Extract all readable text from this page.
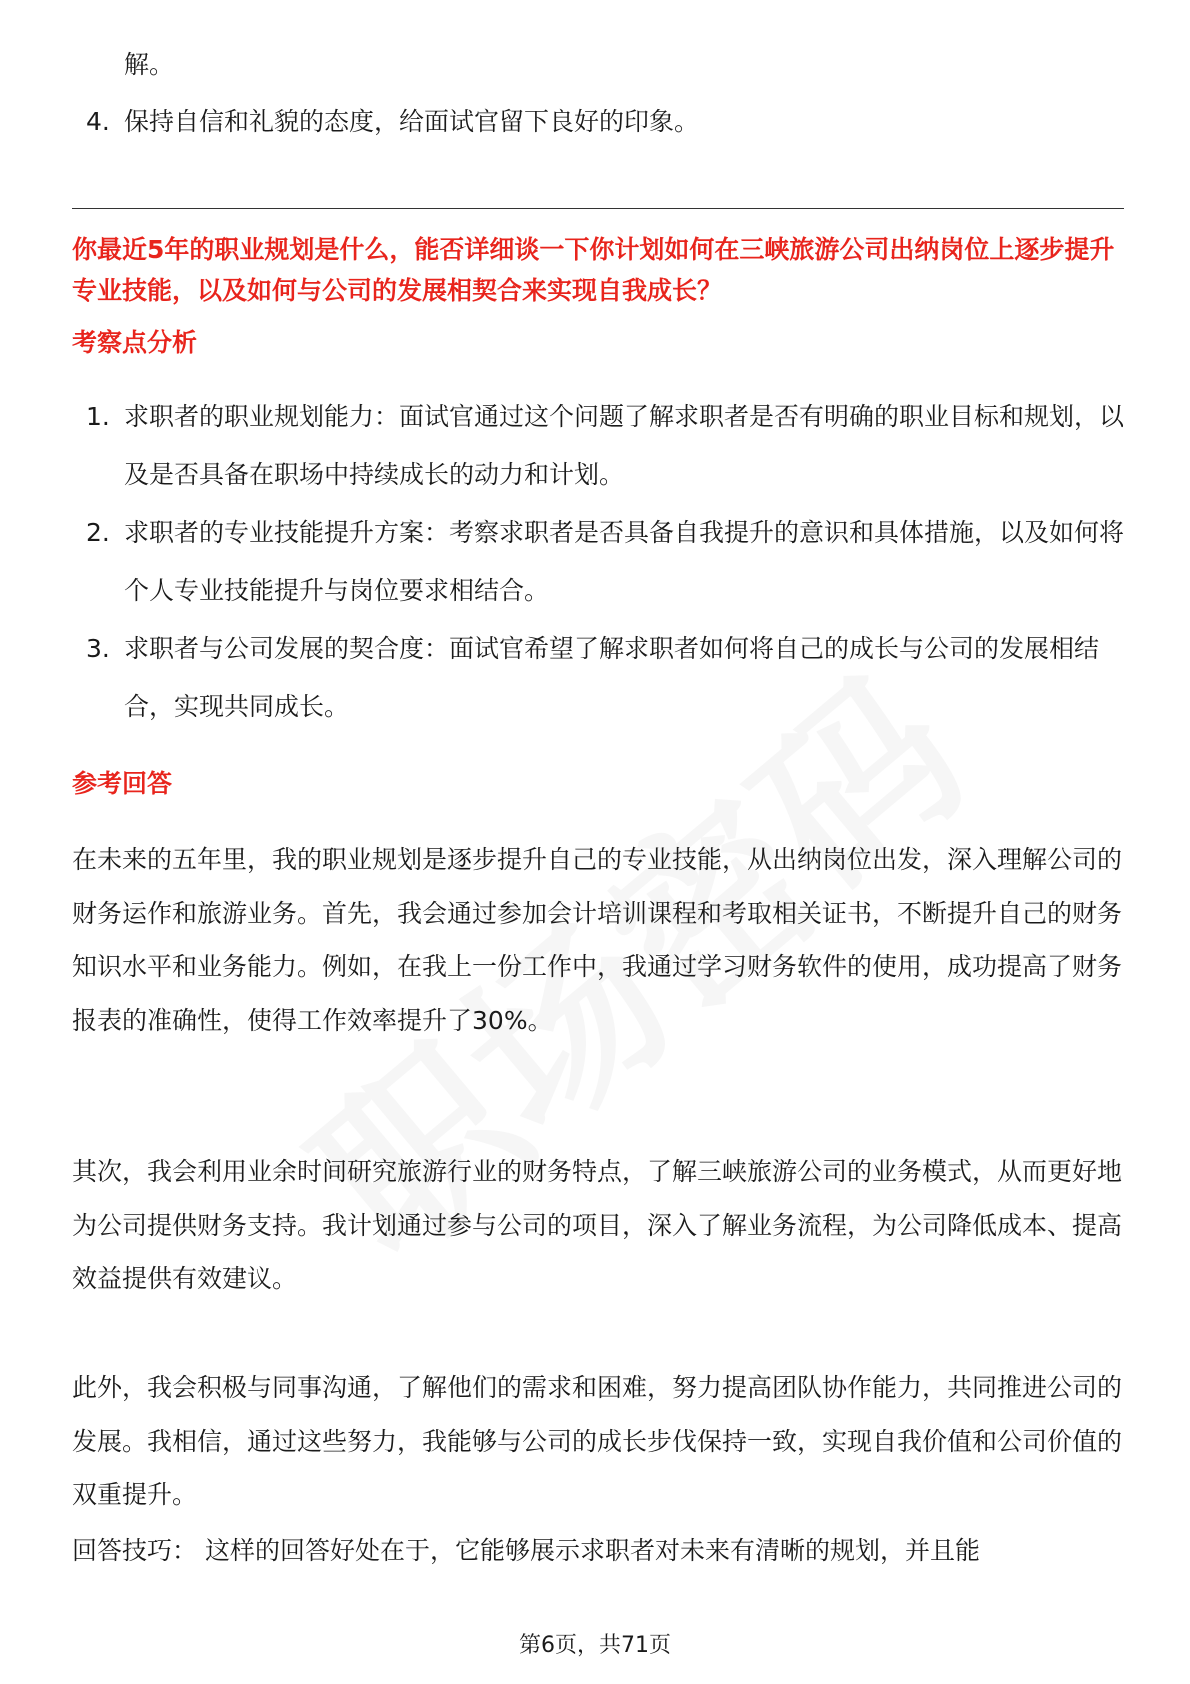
解。
4. 保持自信和礼貌的态度，给面试官留下良好的印象。
你最近5年的职业规划是什么，能否详细谈一下你计划如何在三峡旅游公司出纳岗位上逐步提升专业技能，以及如何与公司的发展相契合来实现自我成长？
考察点分析
1. 求职者的职业规划能力：面试官通过这个问题了解求职者是否有明确的职业目标和规划，以及是否具备在职场中持续成长的动力和计划。
2. 求职者的专业技能提升方案：考察求职者是否具备自我提升的意识和具体措施，以及如何将个人专业技能提升与岗位要求相结合。
3. 求职者与公司发展的契合度：面试官希望了解求职者如何将自己的成长与公司的发展相结合，实现共同成长。
参考回答

在未来的五年里，我的职业规划是逐步提升自己的专业技能，从出纳岗位出发，深入理解公司的财务运作和旅游业务。首先，我会通过参加会计培训课程和考取相关证书，不断提升自己的财务知识水平和业务能力。例如，在我上一份工作中，我通过学习财务软件的使用，成功提高了财务报表的准确性，使得工作效率提升了30%。

其次，我会利用业余时间研究旅游行业的财务特点，了解三峡旅游公司的业务模式，从而更好地为公司提供财务支持。我计划通过参与公司的项目，深入了解业务流程，为公司降低成本、提高效益提供有效建议。

此外，我会积极与同事沟通，了解他们的需求和困难，努力提高团队协作能力，共同推进公司的发展。我相信，通过这些努力，我能够与公司的成长步伐保持一致，实现自我价值和公司价值的双重提升。

回答技巧： 这样的回答好处在于，它能够展示求职者对未来有清晰的规划，并且能

第6页，共71页
